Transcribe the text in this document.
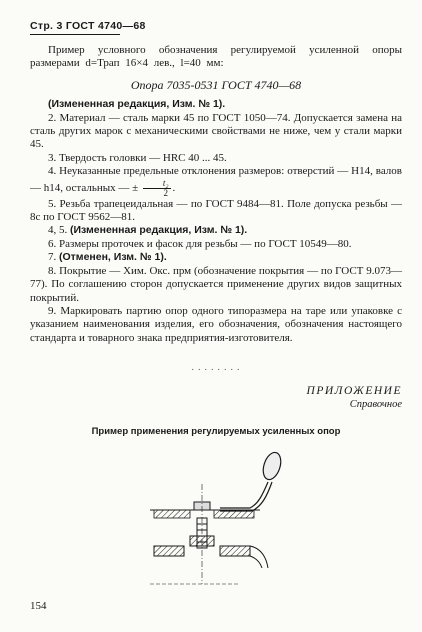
Стр. 3 ГОСТ 4740—68

Пример условного обозначения регулируемой усиленной опоры размерами d=Трап 16×4 лев., l=40 мм:

Опора 7035-0531 ГОСТ 4740—68

(Измененная редакция, Изм. № 1).

2. Материал — сталь марки 45 по ГОСТ 1050—74. Допускается замена на сталь других марок с механическими свойствами не ниже, чем у стали марки 45.

3. Твердость головки — HRC 40 ... 45.

4. Неуказанные предельные отклонения размеров: отверстий — H14, валов — h14, остальных — ± $\frac{\text{t₂}}{2}$ .

5. Резьба трапецеидальная — по ГОСТ 9484—81. Поле допуска резьбы — 8с по ГОСТ 9562—81.

4, 5. (Измененная редакция, Изм. № 1).

6. Размеры проточек и фасок для резьбы — по ГОСТ 10549—80.

7. (Отменен, Изм. № 1).

8. Покрытие — Хим. Окс. прм (обозначение покрытия — по ГОСТ 9.073—77). По соглашению сторон допускается применение других видов защитных покрытий.

9. Маркировать партию опор одного типоразмера на таре или упаковке с указанием наименования изделия, его обозначения, обозначения настоящего стандарта и товарного знака предприятия-изготовителя.

. . . . . . . .

ПРИЛОЖЕНИЕ

Справочное

Пример применения регулируемых усиленных опор

154
